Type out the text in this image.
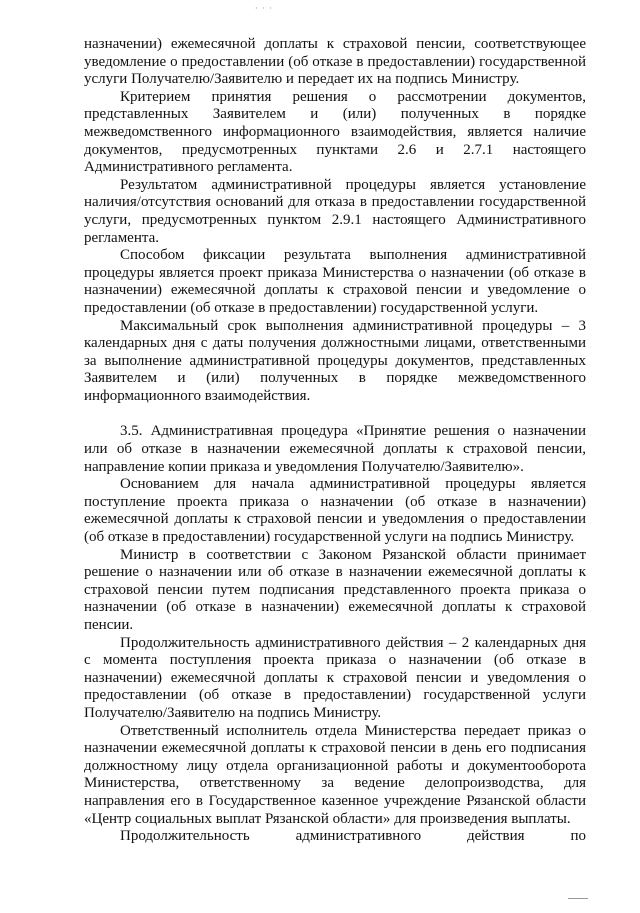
· · ·

назначении) ежемесячной доплаты к страховой пенсии, соответствующее уведомление о предоставлении (об отказе в предоставлении) государственной услуги Получателю/Заявителю и передает их на подпись Министру.

Критерием принятия решения о рассмотрении документов, представленных Заявителем и (или) полученных в порядке межведомственного информационного взаимодействия, является наличие документов, предусмотренных пунктами 2.6 и 2.7.1 настоящего Административного регламента.

Результатом административной процедуры является установление наличия/отсутствия оснований для отказа в предоставлении государственной услуги, предусмотренных пунктом 2.9.1 настоящего Административного регламента.

Способом фиксации результата выполнения административной процедуры является проект приказа Министерства о назначении (об отказе в назначении) ежемесячной доплаты к страховой пенсии и уведомление о предоставлении (об отказе в предоставлении) государственной услуги.

Максимальный срок выполнения административной процедуры – 3 календарных дня с даты получения должностными лицами, ответственными за выполнение административной процедуры документов, представленных Заявителем и (или) полученных в порядке межведомственного информационного взаимодействия.

3.5. Административная процедура «Принятие решения о назначении или об отказе в назначении ежемесячной доплаты к страховой пенсии, направление копии приказа и уведомления Получателю/Заявителю».

Основанием для начала административной процедуры является поступление проекта приказа о назначении (об отказе в назначении) ежемесячной доплаты к страховой пенсии и уведомления о предоставлении (об отказе в предоставлении) государственной услуги на подпись Министру.

Министр в соответствии с Законом Рязанской области принимает решение о назначении или об отказе в назначении ежемесячной доплаты к страховой пенсии путем подписания представленного проекта приказа о назначении (об отказе в назначении) ежемесячной доплаты к страховой пенсии.

Продолжительность административного действия – 2 календарных дня с момента поступления проекта приказа о назначении (об отказе в назначении) ежемесячной доплаты к страховой пенсии и уведомления о предоставлении (об отказе в предоставлении) государственной услуги Получателю/Заявителю на подпись Министру.

Ответственный исполнитель отдела Министерства передает приказ о назначении ежемесячной доплаты к страховой пенсии в день его подписания должностному лицу отдела организационной работы и документооборота Министерства, ответственному за ведение делопроизводства, для направления его в Государственное казенное учреждение Рязанской области «Центр социальных выплат Рязанской области» для произведения выплаты.

Продолжительность административного действия по
